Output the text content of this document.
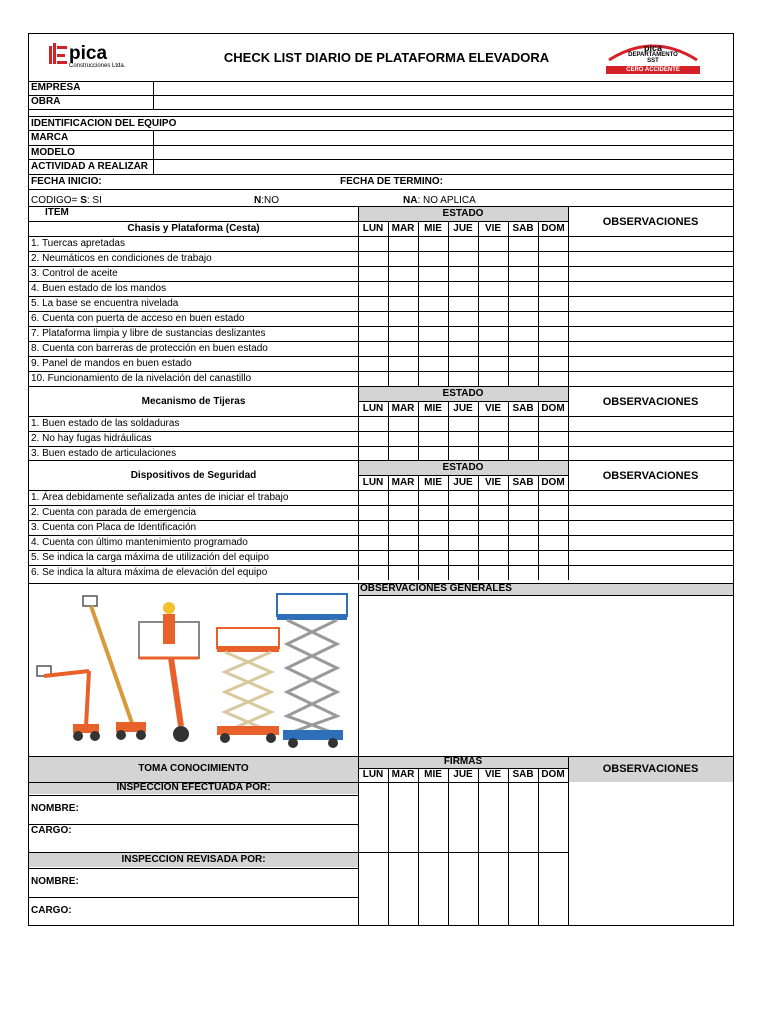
pica
Construcciones Ltda.
CHECK LIST DIARIO DE PLATAFORMA ELEVADORA
pica
DEPARTAMENTO
SST
CERO ACCIDENTE
EMPRESA
OBRA
IDENTIFICACION DEL EQUIPO
MARCA
MODELO
ACTIVIDAD A REALIZAR
FECHA INICIO:	FECHA DE TERMINO:
CODIGO= S: SI	N:NO	NA: NO APLICA
ITEM
Chasis y Plataforma (Cesta)
ESTADO
OBSERVACIONES
LUN MAR MIE	JUE	VIE	SAB DOM
1. Tuercas apretadas
2. Neumáticos en condiciones de trabajo
3. Control de aceite
4. Buen estado de los mandos
5. La base se encuentra nivelada
6. Cuenta con puerta de acceso en buen estado
7. Plataforma limpia y libre de sustancias deslizantes
8. Cuenta con barreras de protección en buen estado
9. Panel de mandos en buen estado
10. Funcionamiento de la nivelación del canastillo
Mecanismo de Tijeras
ESTADO
OBSERVACIONES
LUN MAR MIE	JUE	VIE	SAB DOM
1. Buen estado de las soldaduras
2. No hay fugas hidráulicas
3. Buen estado de articulaciones
Dispositivos de Seguridad
ESTADO
OBSERVACIONES
LUN MAR MIE	JUE	VIE	SAB DOM
1. Área debidamente señalizada antes de iniciar el trabajo
2. Cuenta con parada de emergencia
3. Cuenta con Placa de Identificación
4. Cuenta con último mantenimiento programado
5. Se indica la carga máxima de utilización del equipo
6. Se indica la altura máxima de elevación del equipo
OBSERVACIONES GENERALES
LUN MAR MIE	JUE	VIE	SAB DOM
FIRMAS
TOMA CONOCIMIENTO	OBSERVACIONES
INSPECCION EFECTUADA POR:
NOMBRE:
CARGO:
INSPECCION REVISADA POR:
NOMBRE:
CARGO:
